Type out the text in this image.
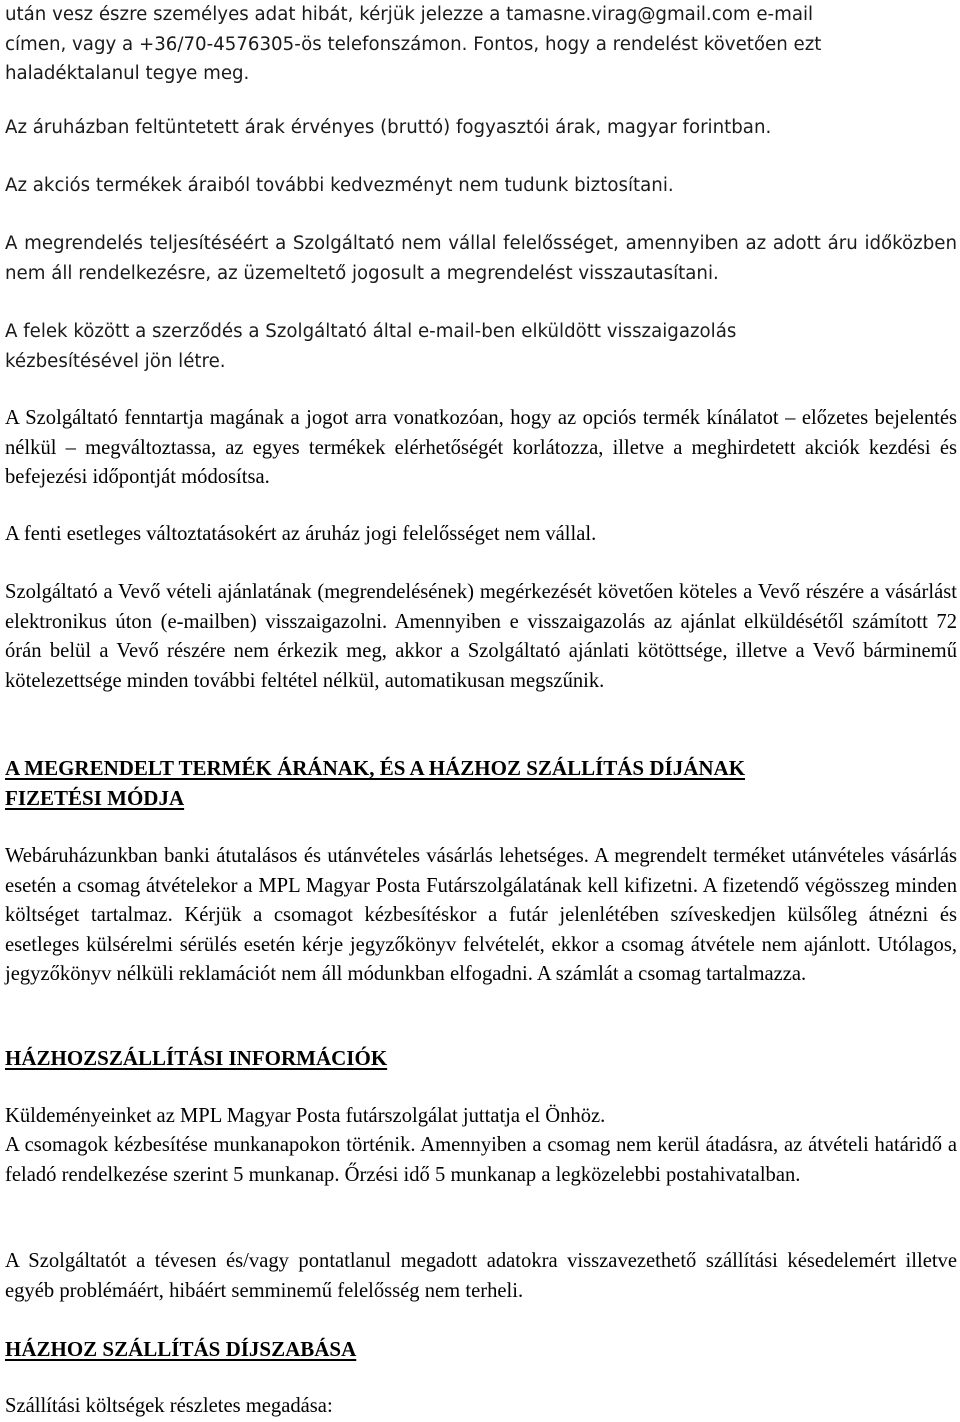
után vesz észre személyes adat hibát, kérjük jelezze a tamasne.virag@gmail.com e-mail
címen, vagy a +36/70-4576305-ös telefonszámon. Fontos, hogy a rendelést követően ezt
haladéktalanul tegye meg.

Az áruházban feltüntetett árak érvényes (bruttó) fogyasztói árak, magyar forintban.

Az akciós termékek áraiból további kedvezményt nem tudunk biztosítani.

A megrendelés teljesítéséért a Szolgáltató nem vállal felelősséget, amennyiben az adott áru időközben nem áll rendelkezésre, az üzemeltető jogosult a megrendelést visszautasítani.

A felek között a szerződés a Szolgáltató által e-mail-ben elküldött visszaigazolás kézbesítésével jön létre.

A Szolgáltató fenntartja magának a jogot arra vonatkozóan, hogy az opciós termék kínálatot – előzetes bejelentés nélkül – megváltoztassa, az egyes termékek elérhetőségét korlátozza, illetve a meghirdetett akciók kezdési és befejezési időpontját módosítsa.

A fenti esetleges változtatásokért az áruház jogi felelősséget nem vállal.

Szolgáltató a Vevő vételi ajánlatának (megrendelésének) megérkezését követően köteles a Vevő részére a vásárlást elektronikus úton (e-mailben) visszaigazolni. Amennyiben e visszaigazolás az ajánlat elküldésétől számított 72 órán belül a Vevő részére nem érkezik meg, akkor a Szolgáltató ajánlati kötöttsége, illetve a Vevő bárminemű kötelezettsége minden további feltétel nélkül, automatikusan megszűnik.

A MEGRENDELT TERMÉK ÁRÁNAK, ÉS A HÁZHOZ SZÁLLÍTÁS DÍJÁNAK
FIZETÉSI MÓDJA

Webáruházunkban banki átutalásos és utánvételes vásárlás lehetséges. A megrendelt terméket utánvételes vásárlás esetén a csomag átvételekor a MPL Magyar Posta Futárszolgálatának kell kifizetni. A fizetendő végösszeg minden költséget tartalmaz. Kérjük a csomagot kézbesítéskor a futár jelenlétében szíveskedjen külsőleg átnézni és esetleges külsérelmi sérülés esetén kérje jegyzőkönyv felvételét, ekkor a csomag átvétele nem ajánlott. Utólagos, jegyzőkönyv nélküli reklamációt nem áll módunkban elfogadni. A számlát a csomag tartalmazza.

HÁZHOZSZÁLLÍTÁSI INFORMÁCIÓK

Küldeményeinket az MPL Magyar Posta futárszolgálat juttatja el Önhöz.

A csomagok kézbesítése munkanapokon történik. Amennyiben a csomag nem kerül átadásra, az átvételi határidő a feladó rendelkezése szerint 5 munkanap. Őrzési idő 5 munkanap a legközelebbi postahivatalban.

A Szolgáltatót a tévesen és/vagy pontatlanul megadott adatokra visszavezethető szállítási késedelemért illetve egyéb problémáért, hibáért semminemű felelősség nem terheli.

HÁZHOZ SZÁLLÍTÁS DÍJSZABÁSA

Szállítási költségek részletes megadása:
